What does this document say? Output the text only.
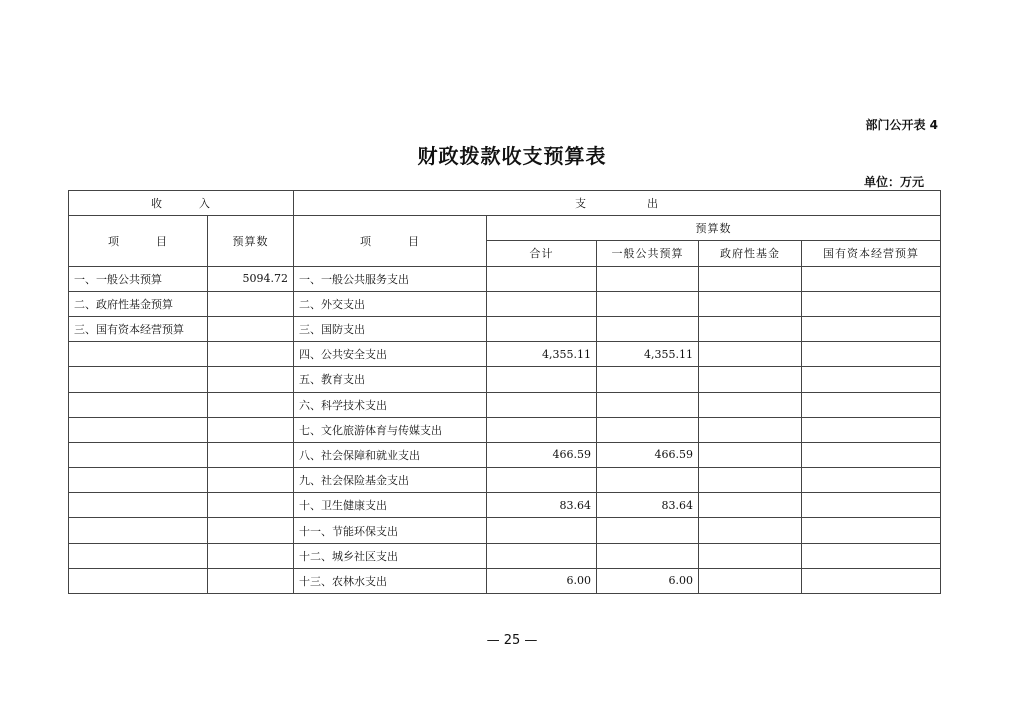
部门公开表 4
财政拨款收支预算表
单位：万元
收　　　入		支　　　　　出				
项　　　目	预算数	项　　　目	预算数			
			合计	一般公共预算	政府性基金	国有资本经营预算
一、一般公共预算	5094.72	一、一般公共服务支出				
二、政府性基金预算		二、外交支出				
三、国有资本经营预算		三、国防支出				
		四、公共安全支出	4,355.11	4,355.11		
		五、教育支出				
		六、科学技术支出				
		七、文化旅游体育与传媒支出				
		八、社会保障和就业支出	466.59	466.59		
		九、社会保险基金支出				
		十、卫生健康支出	83.64	83.64		
		十一、节能环保支出				
		十二、城乡社区支出				
		十三、农林水支出	6.00	6.00		
— 25 —
